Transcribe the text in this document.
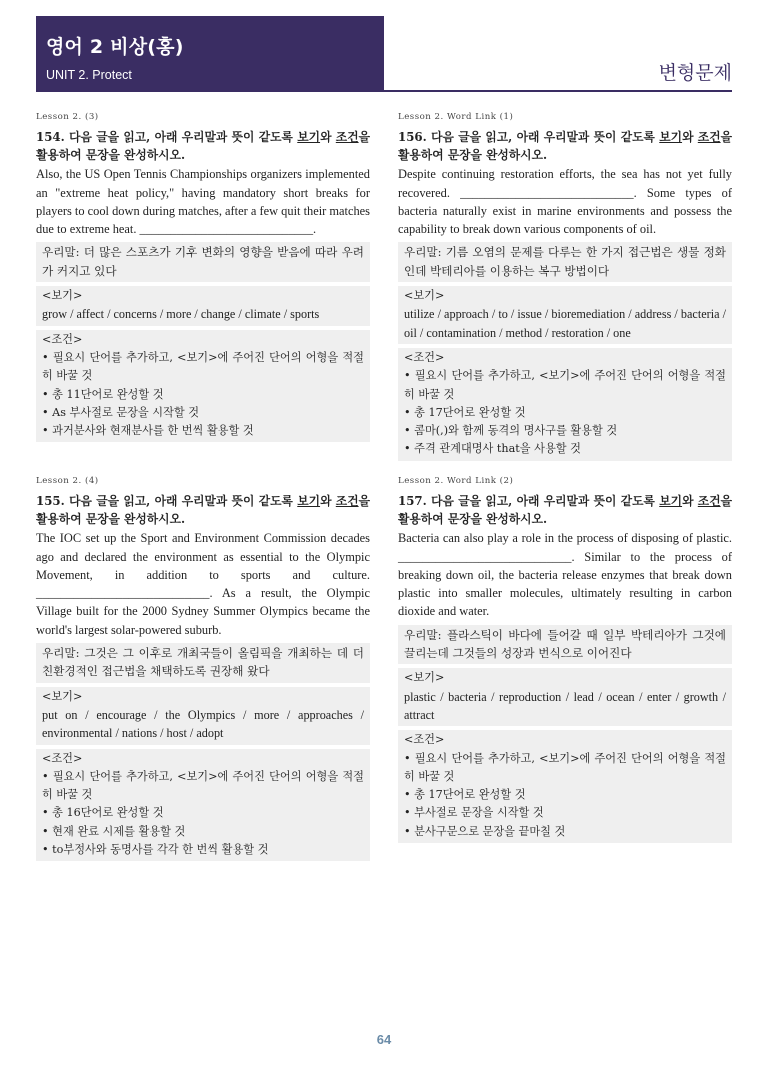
영어 2 비상(홍)
UNIT 2. Protect	변형문제
Lesson 2. (3)
154. 다음 글을 읽고, 아래 우리말과 뜻이 같도록 보기와 조건을 활용하여 문장을 완성하시오.
Also, the US Open Tennis Championships organizers implemented an "extreme heat policy," having mandatory short breaks for players to cool down during matches, after a few quit their matches due to extreme heat. ____________________________.
우리말: 더 많은 스포츠가 기후 변화의 영향을 받음에 따라 우려가 커지고 있다
<보기>
grow / affect / concerns / more / change / climate / sports
<조건>
• 필요시 단어를 추가하고, <보기>에 주어진 단어의 어형을 적절히 바꿀 것
• 총 11단어로 완성할 것
• As 부사절로 문장을 시작할 것
• 과거분사와 현재분사를 한 번씩 활용할 것
Lesson 2. Word Link (1)
156. 다음 글을 읽고, 아래 우리말과 뜻이 같도록 보기와 조건을 활용하여 문장을 완성하시오.
Despite continuing restoration efforts, the sea has not yet fully recovered. ____________________________. Some types of bacteria naturally exist in marine environments and possess the capability to break down various components of oil.
우리말: 기름 오염의 문제를 다루는 한 가지 접근법은 생물 정화인데 박테리아를 이용하는 복구 방법이다
<보기>
utilize / approach / to / issue / bioremediation / address / bacteria / oil / contamination / method / restoration / one
<조건>
• 필요시 단어를 추가하고, <보기>에 주어진 단어의 어형을 적절히 바꿀 것
• 총 17단어로 완성할 것
• 콤마(,)와 함께 동격의 명사구를 활용할 것
• 주격 관계대명사 that을 사용할 것
Lesson 2. (4)
155. 다음 글을 읽고, 아래 우리말과 뜻이 같도록 보기와 조건을 활용하여 문장을 완성하시오.
The IOC set up the Sport and Environment Commission decades ago and declared the environment as essential to the Olympic Movement, in addition to sports and culture. ____________________________. As a result, the Olympic Village built for the 2000 Sydney Summer Olympics became the world's largest solar-powered suburb.
우리말: 그것은 그 이후로 개최국들이 올림픽을 개최하는 데 더 친환경적인 접근법을 채택하도록 권장해 왔다
<보기>
put on / encourage / the Olympics / more / approaches / environmental / nations / host / adopt
<조건>
• 필요시 단어를 추가하고, <보기>에 주어진 단어의 어형을 적절히 바꿀 것
• 총 16단어로 완성할 것
• 현재 완료 시제를 활용할 것
• to부정사와 동명사를 각각 한 번씩 활용할 것
Lesson 2. Word Link (2)
157. 다음 글을 읽고, 아래 우리말과 뜻이 같도록 보기와 조건을 활용하여 문장을 완성하시오.
Bacteria can also play a role in the process of disposing of plastic. ____________________________. Similar to the process of breaking down oil, the bacteria release enzymes that break down plastic into smaller molecules, ultimately resulting in carbon dioxide and water.
우리말: 플라스틱이 바다에 들어갈 때 일부 박테리아가 그것에 끌리는데 그것들의 성장과 번식으로 이어진다
<보기>
plastic / bacteria / reproduction / lead / ocean / enter / growth / attract
<조건>
• 필요시 단어를 추가하고, <보기>에 주어진 단어의 어형을 적절히 바꿀 것
• 총 17단어로 완성할 것
• 부사절로 문장을 시작할 것
• 분사구문으로 문장을 끝마칠 것
64
